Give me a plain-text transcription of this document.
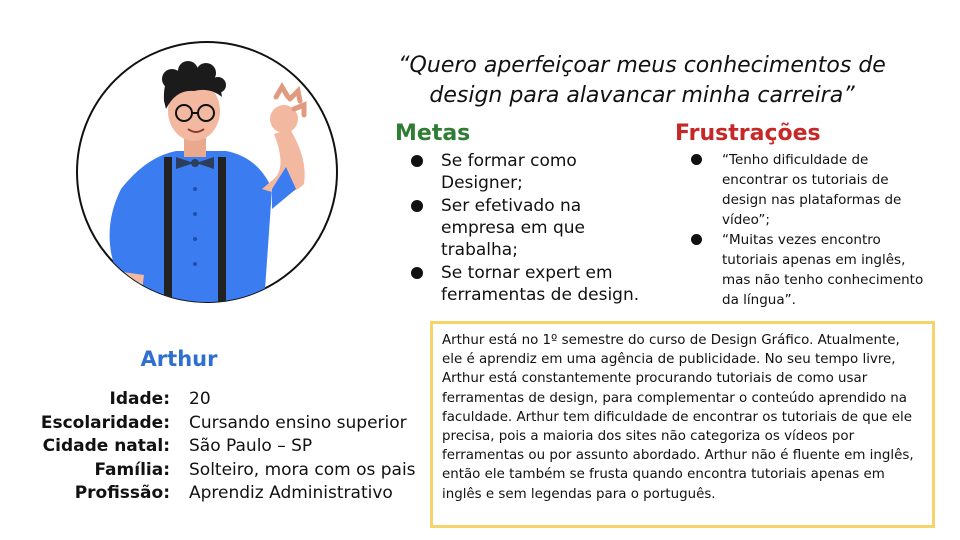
Arthur
Idade: 20
Escolaridade: Cursando ensino superior
Cidade natal: São Paulo – SP
Família: Solteiro, mora com os pais
Profissão: Aprendiz Administrativo
“Quero aperfeiçoar meus conhecimentos de design para alavancar minha carreira”
Metas
Se formar como Designer;
Ser efetivado na empresa em que trabalha;
Se tornar expert em ferramentas de design.
Frustrações
“Tenho dificuldade de encontrar os tutoriais de design nas plataformas de vídeo”;
“Muitas vezes encontro tutoriais apenas em inglês, mas não tenho conhecimento da língua”.
Arthur está no 1º semestre do curso de Design Gráfico. Atualmente, ele é aprendiz em uma agência de publicidade. No seu tempo livre, Arthur está constantemente procurando tutoriais de como usar ferramentas de design, para complementar o conteúdo aprendido na faculdade. Arthur tem dificuldade de encontrar os tutoriais de que ele precisa, pois a maioria dos sites não categoriza os vídeos por ferramentas ou por assunto abordado. Arthur não é fluente em inglês, então ele também se frusta quando encontra tutoriais apenas em inglês e sem legendas para o português.
